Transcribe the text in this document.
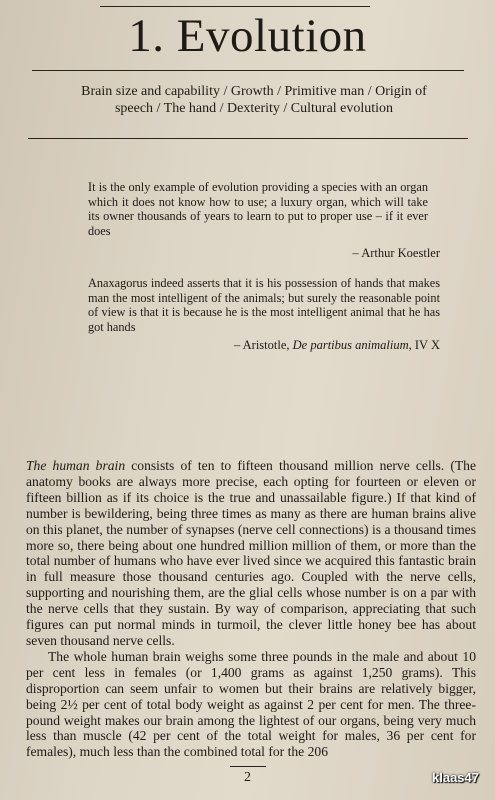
1. Evolution
Brain size and capability / Growth / Primitive man / Origin of speech / The hand / Dexterity / Cultural evolution

It is the only example of evolution providing a species with an organ which it does not know how to use; a luxury organ, which will take its owner thousands of years to learn to put to proper use – if it ever does

– Arthur Koestler

Anaxagorus indeed asserts that it is his possession of hands that makes man the most intelligent of the animals; but surely the reasonable point of view is that it is because he is the most intelligent animal that he has got hands

– Aristotle, De partibus animalium, IV X

The human brain consists of ten to fifteen thousand million nerve cells. (The anatomy books are always more precise, each opting for fourteen or eleven or fifteen billion as if its choice is the true and unassailable figure.) If that kind of number is bewildering, being three times as many as there are human brains alive on this planet, the number of synapses (nerve cell connections) is a thousand times more so, there being about one hundred million million of them, or more than the total number of humans who have ever lived since we acquired this fantastic brain in full measure those thousand centuries ago. Coupled with the nerve cells, supporting and nourishing them, are the glial cells whose number is on a par with the nerve cells that they sustain. By way of comparison, appreciating that such figures can put normal minds in turmoil, the clever little honey bee has about seven thousand nerve cells.

The whole human brain weighs some three pounds in the male and about 10 per cent less in females (or 1,400 grams as against 1,250 grams). This disproportion can seem unfair to women but their brains are relatively bigger, being 2½ per cent of total body weight as against 2 per cent for men. The three-pound weight makes our brain among the lightest of our organs, being very much less than muscle (42 per cent of the total weight for males, 36 per cent for females), much less than the combined total for the 206

2	klaas47
